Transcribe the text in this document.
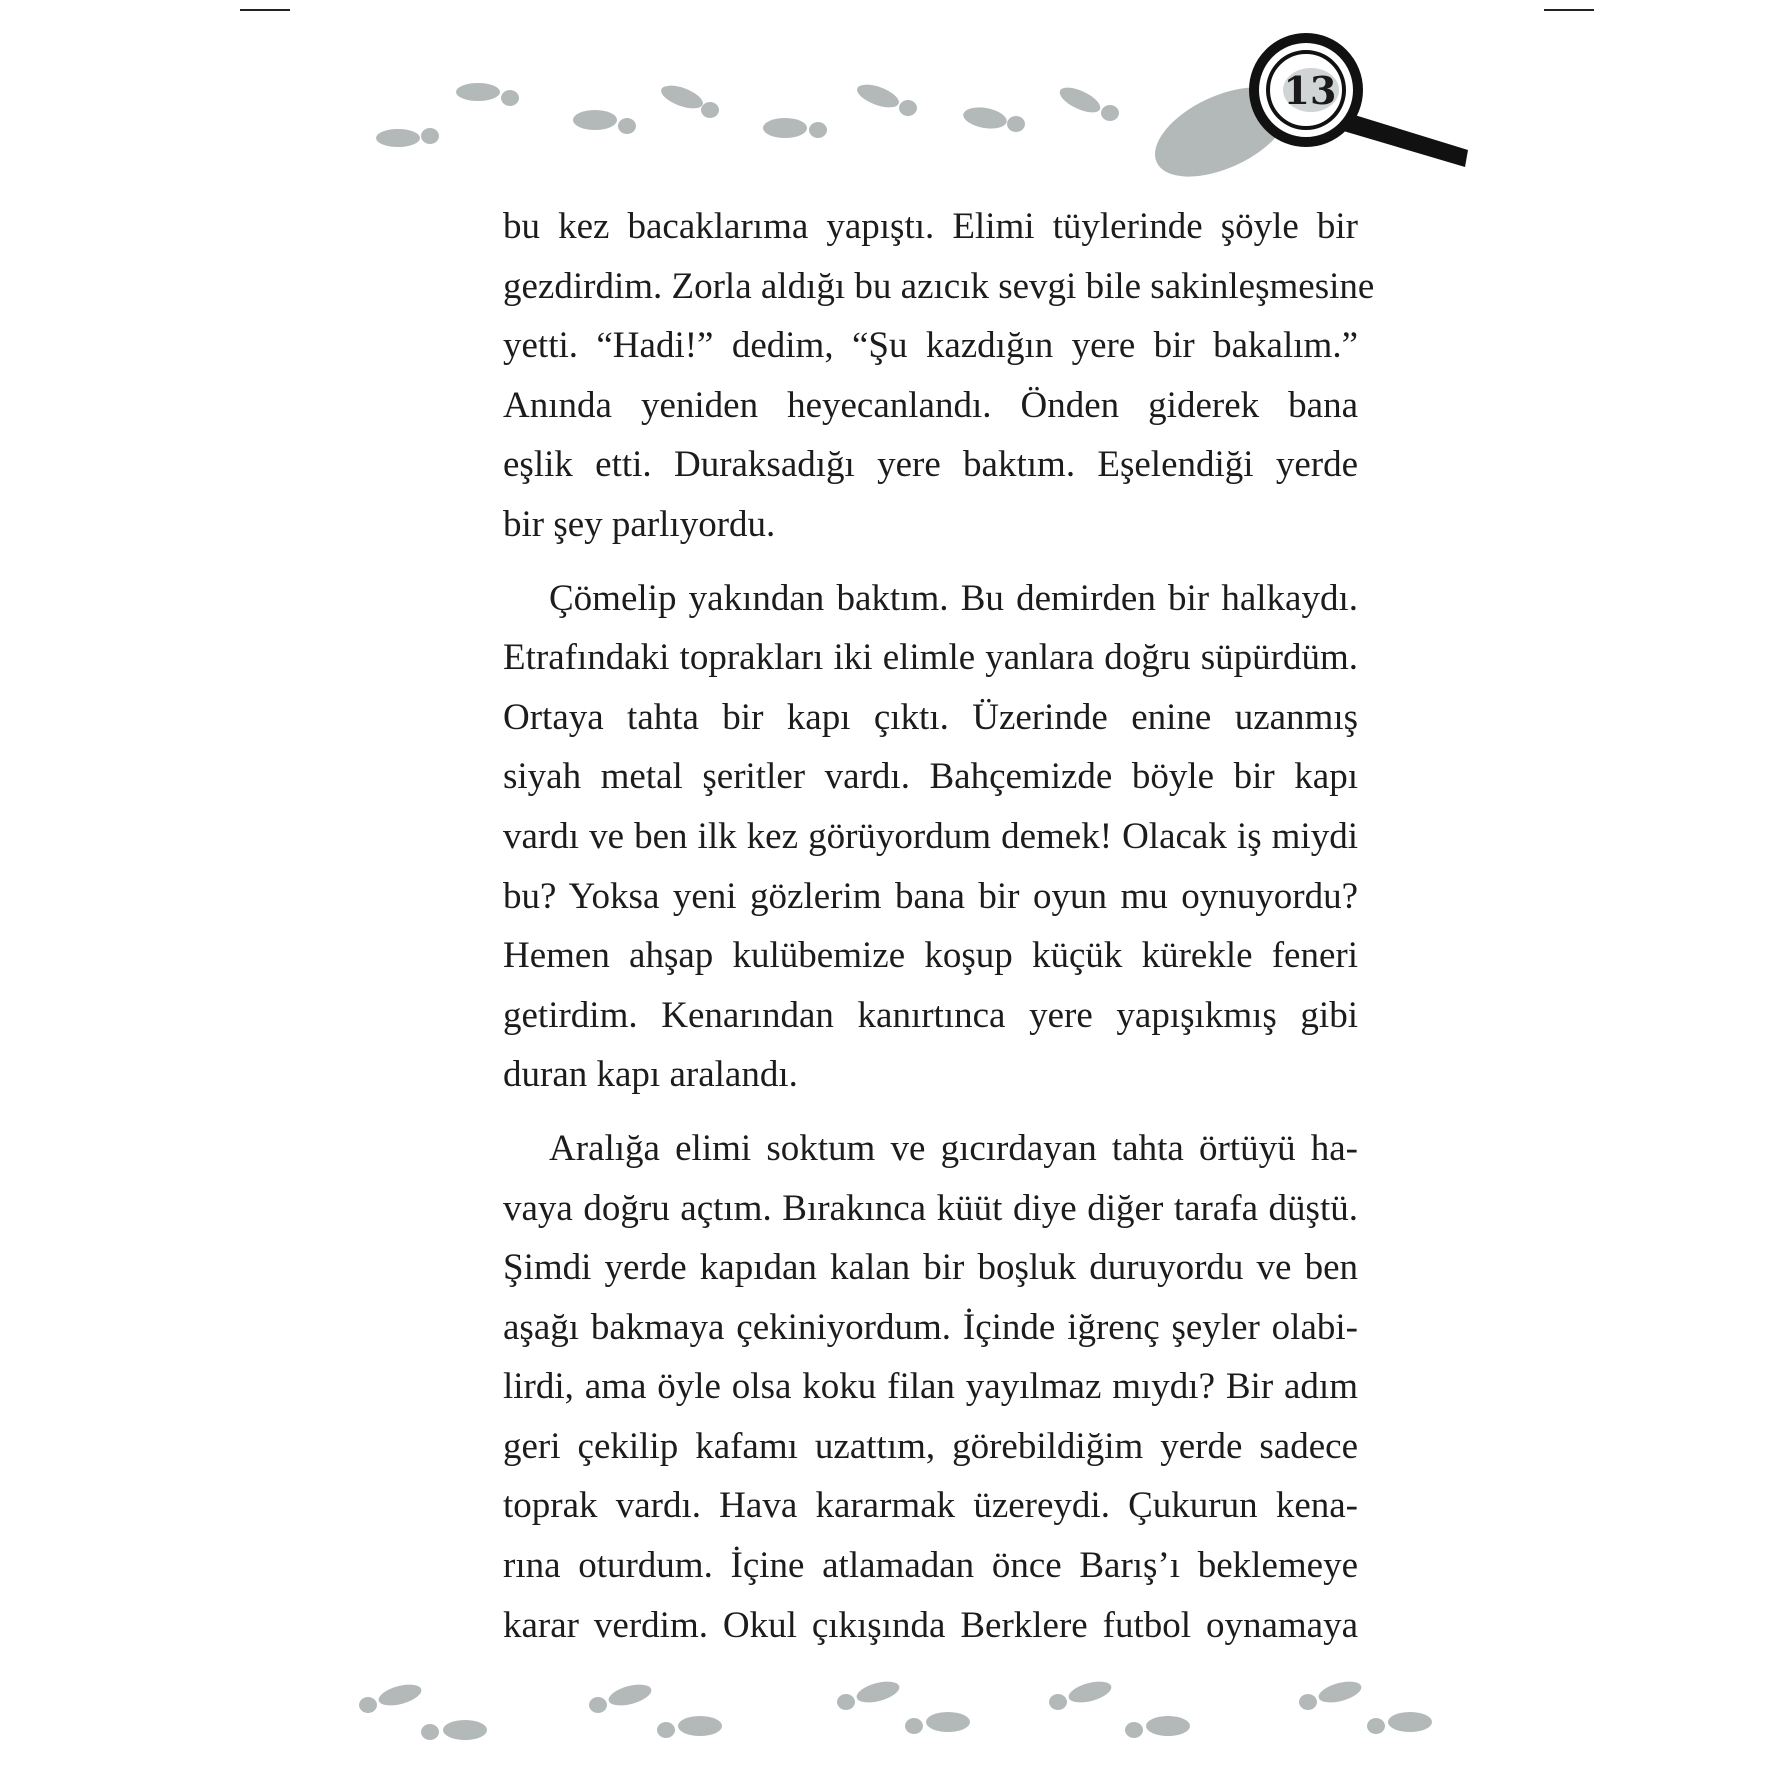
13
bu kez bacaklarıma yapıştı. Elimi tüylerinde şöyle bir
gezdirdim. Zorla aldığı bu azıcık sevgi bile sakinleşmesine
yetti. “Hadi!” dedim, “Şu kazdığın yere bir bakalım.”
Anında yeniden heyecanlandı. Önden giderek bana
eşlik etti. Duraksadığı yere baktım. Eşelendiği yerde
bir şey parlıyordu.
Çömelip yakından baktım. Bu demirden bir halkaydı.
Etrafındaki toprakları iki elimle yanlara doğru süpürdüm.
Ortaya tahta bir kapı çıktı. Üzerinde enine uzanmış
siyah metal şeritler vardı. Bahçemizde böyle bir kapı
vardı ve ben ilk kez görüyordum demek! Olacak iş miydi
bu? Yoksa yeni gözlerim bana bir oyun mu oynuyordu?
Hemen ahşap kulübemize koşup küçük kürekle feneri
getirdim. Kenarından kanırtınca yere yapışıkmış gibi
duran kapı aralandı.
Aralığa elimi soktum ve gıcırdayan tahta örtüyü ha-
vaya doğru açtım. Bırakınca küüt diye diğer tarafa düştü.
Şimdi yerde kapıdan kalan bir boşluk duruyordu ve ben
aşağı bakmaya çekiniyordum. İçinde iğrenç şeyler olabi-
lirdi, ama öyle olsa koku filan yayılmaz mıydı? Bir adım
geri çekilip kafamı uzattım, görebildiğim yerde sadece
toprak vardı. Hava kararmak üzereydi. Çukurun kena-
rına oturdum. İçine atlamadan önce Barış’ı beklemeye
karar verdim. Okul çıkışında Berklere futbol oynamaya
